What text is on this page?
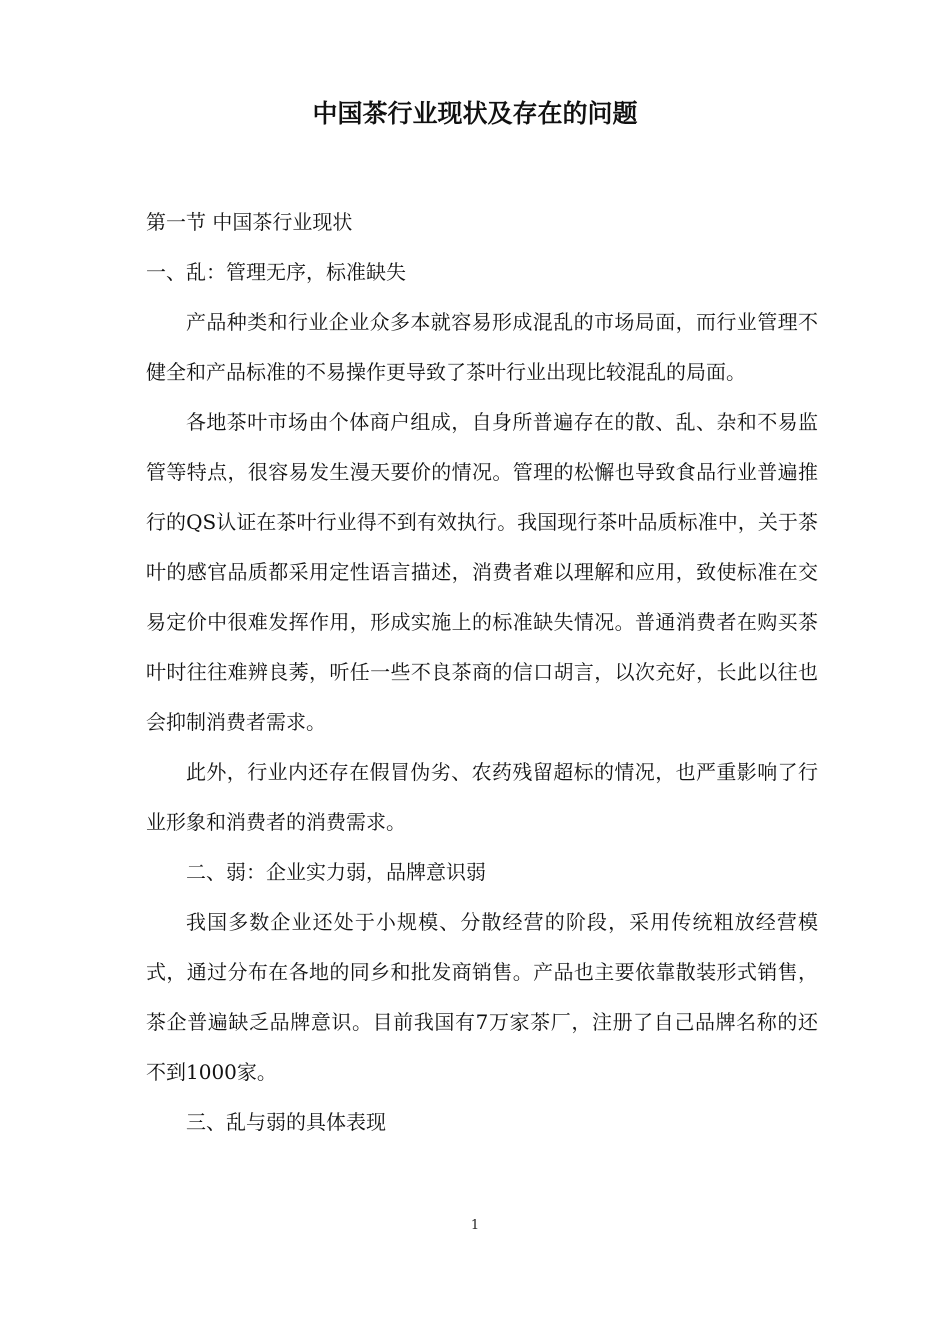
中国茶行业现状及存在的问题

第一节 中国茶行业现状

一、乱：管理无序，标准缺失

产品种类和行业企业众多本就容易形成混乱的市场局面，而行业管理不健全和产品标准的不易操作更导致了茶叶行业出现比较混乱的局面。

各地茶叶市场由个体商户组成，自身所普遍存在的散、乱、杂和不易监管等特点，很容易发生漫天要价的情况。管理的松懈也导致食品行业普遍推行的QS认证在茶叶行业得不到有效执行。我国现行茶叶品质标准中，关于茶叶的感官品质都采用定性语言描述，消费者难以理解和应用，致使标准在交易定价中很难发挥作用，形成实施上的标准缺失情况。普通消费者在购买茶叶时往往难辨良莠，听任一些不良茶商的信口胡言，以次充好，长此以往也会抑制消费者需求。

此外，行业内还存在假冒伪劣、农药残留超标的情况，也严重影响了行业形象和消费者的消费需求。

二、弱：企业实力弱，品牌意识弱

我国多数企业还处于小规模、分散经营的阶段，采用传统粗放经营模式，通过分布在各地的同乡和批发商销售。产品也主要依靠散装形式销售，茶企普遍缺乏品牌意识。目前我国有7万家茶厂，注册了自己品牌名称的还不到1000家。

三、乱与弱的具体表现

1
